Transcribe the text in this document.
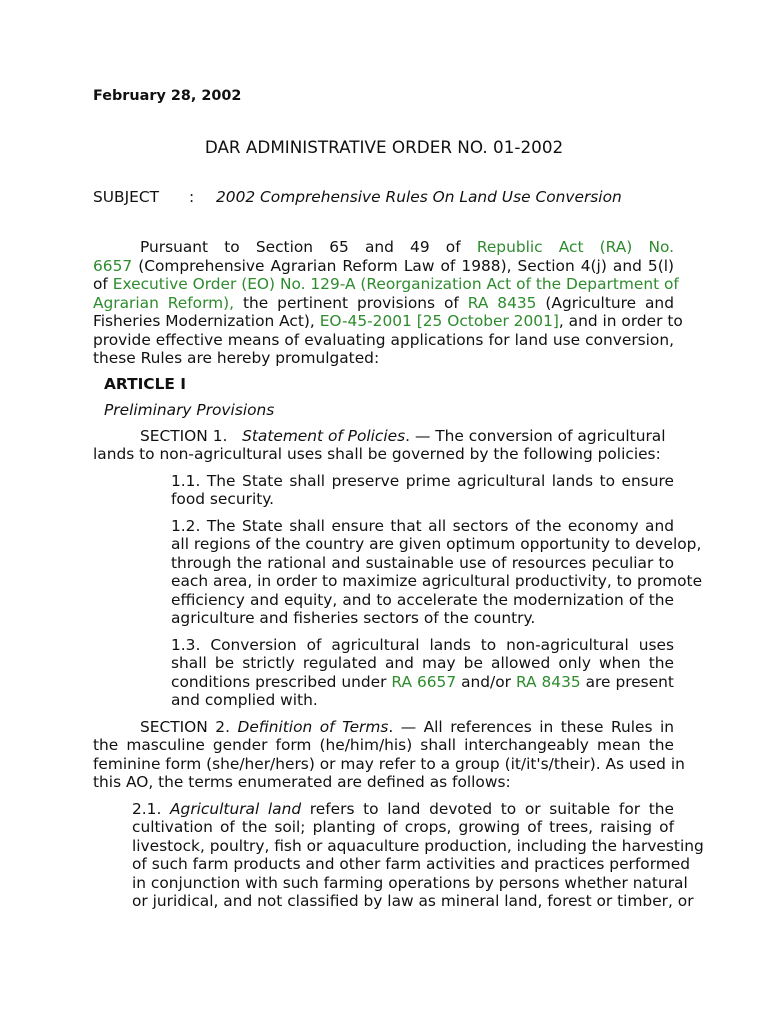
February 28, 2002
DAR ADMINISTRATIVE ORDER NO. 01-2002
SUBJECT : 2002 Comprehensive Rules On Land Use Conversion
Pursuant to Section 65 and 49 of Republic Act (RA) No.
6657 (Comprehensive Agrarian Reform Law of 1988), Section 4(j) and 5(l)
of Executive Order (EO) No. 129-A (Reorganization Act of the Department of
Agrarian Reform), the pertinent provisions of RA 8435 (Agriculture and
Fisheries Modernization Act), EO-45-2001 [25 October 2001], and in order to
provide effective means of evaluating applications for land use conversion,
these Rules are hereby promulgated:
ARTICLE I
Preliminary Provisions
SECTION 1. Statement of Policies. — The conversion of agricultural
lands to non-agricultural uses shall be governed by the following policies:
1.1. The State shall preserve prime agricultural lands to ensure
food security.
1.2. The State shall ensure that all sectors of the economy and
all regions of the country are given optimum opportunity to develop,
through the rational and sustainable use of resources peculiar to
each area, in order to maximize agricultural productivity, to promote
efficiency and equity, and to accelerate the modernization of the
agriculture and fisheries sectors of the country.
1.3. Conversion of agricultural lands to non-agricultural uses
shall be strictly regulated and may be allowed only when the
conditions prescribed under RA 6657 and/or RA 8435 are present
and complied with.
SECTION 2. Definition of Terms. — All references in these Rules in
the masculine gender form (he/him/his) shall interchangeably mean the
feminine form (she/her/hers) or may refer to a group (it/it's/their). As used in
this AO, the terms enumerated are defined as follows:
2.1. Agricultural land refers to land devoted to or suitable for the
cultivation of the soil; planting of crops, growing of trees, raising of
livestock, poultry, fish or aquaculture production, including the harvesting
of such farm products and other farm activities and practices performed
in conjunction with such farming operations by persons whether natural
or juridical, and not classified by law as mineral land, forest or timber, or
